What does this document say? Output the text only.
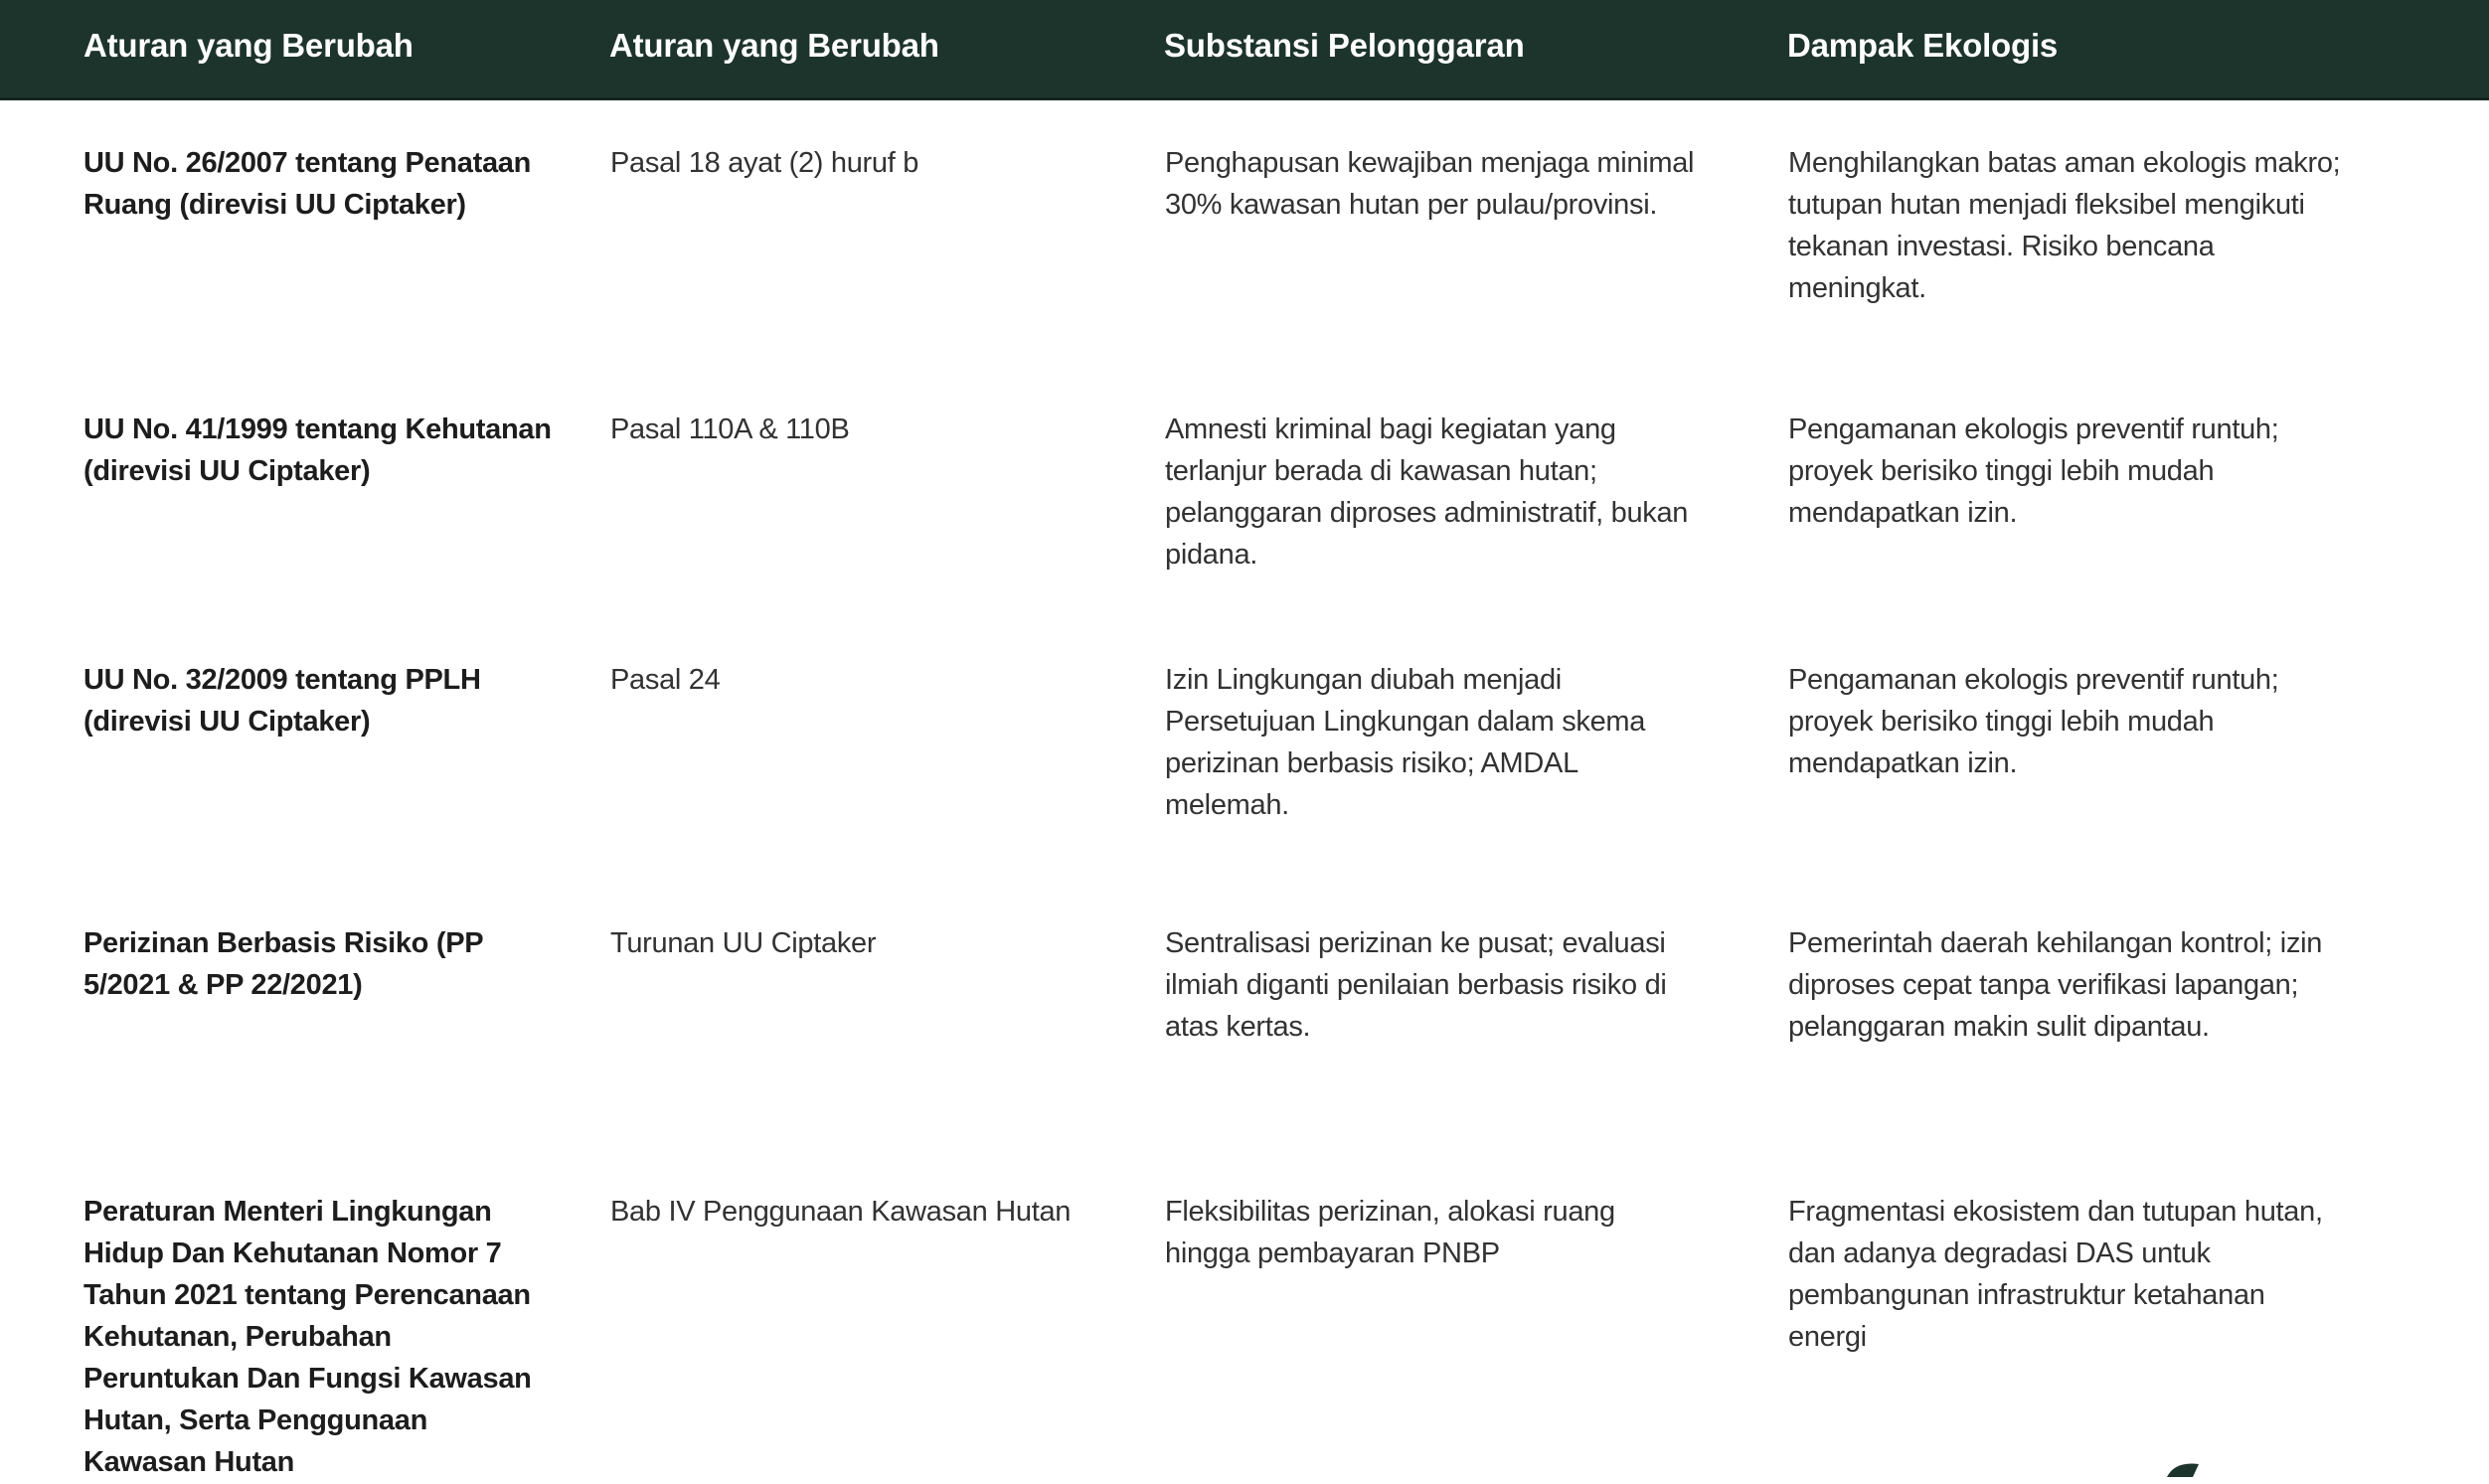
Aturan yang Berubah	Aturan yang Berubah	Substansi Pelonggaran	Dampak Ekologis
UU No. 26/2007 tentang Penataan Ruang (direvisi UU Ciptaker)	Pasal 18 ayat (2) huruf b	Penghapusan kewajiban menjaga minimal 30% kawasan hutan per pulau/provinsi.	Menghilangkan batas aman ekologis makro; tutupan hutan menjadi fleksibel mengikuti tekanan investasi. Risiko bencana meningkat.
UU No. 41/1999 tentang Kehutanan (direvisi UU Ciptaker)	Pasal 110A & 110B	Amnesti kriminal bagi kegiatan yang terlanjur berada di kawasan hutan; pelanggaran diproses administratif, bukan pidana.	Pengamanan ekologis preventif runtuh; proyek berisiko tinggi lebih mudah mendapatkan izin.
UU No. 32/2009 tentang PPLH (direvisi UU Ciptaker)	Pasal 24	Izin Lingkungan diubah menjadi Persetujuan Lingkungan dalam skema perizinan berbasis risiko; AMDAL melemah.	Pengamanan ekologis preventif runtuh; proyek berisiko tinggi lebih mudah mendapatkan izin.
Perizinan Berbasis Risiko (PP 5/2021 & PP 22/2021)	Turunan UU Ciptaker	Sentralisasi perizinan ke pusat; evaluasi ilmiah diganti penilaian berbasis risiko di atas kertas.	Pemerintah daerah kehilangan kontrol; izin diproses cepat tanpa verifikasi lapangan; pelanggaran makin sulit dipantau.
Peraturan Menteri Lingkungan Hidup Dan Kehutanan Nomor 7 Tahun 2021 tentang Perencanaan Kehutanan, Perubahan Peruntukan Dan Fungsi Kawasan Hutan, Serta Penggunaan Kawasan Hutan	Bab IV Penggunaan Kawasan Hutan	Fleksibilitas perizinan, alokasi ruang hingga pembayaran PNBP	Fragmentasi ekosistem dan tutupan hutan, dan adanya degradasi DAS untuk pembangunan infrastruktur ketahanan energi
